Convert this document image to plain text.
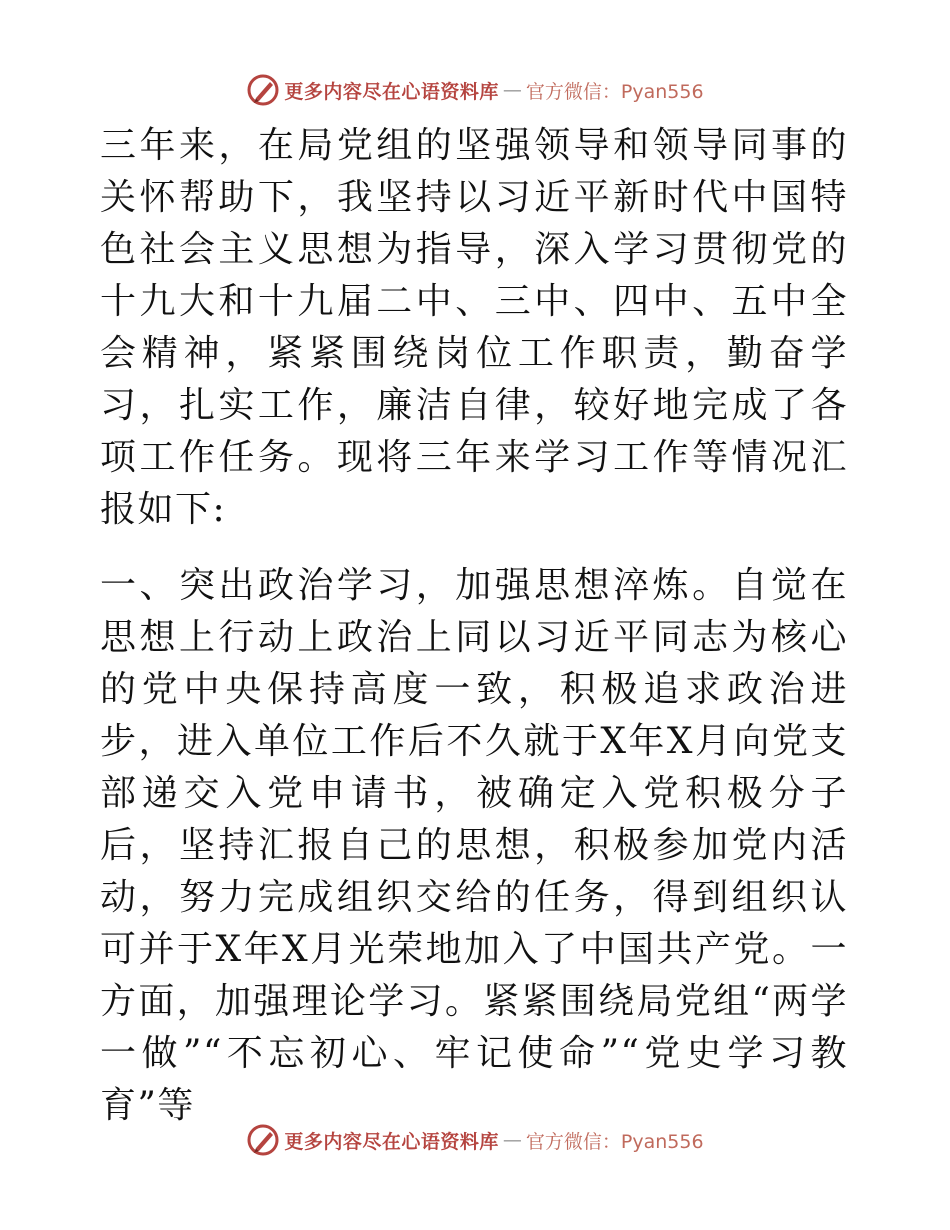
更多内容尽在心语资料库 — 官方微信：Pyan556

三年来，在局党组的坚强领导和领导同事的关怀帮助下，我坚持以习近平新时代中国特色社会主义思想为指导，深入学习贯彻党的十九大和十九届二中、三中、四中、五中全会精神，紧紧围绕岗位工作职责，勤奋学习，扎实工作，廉洁自律，较好地完成了各项工作任务。现将三年来学习工作等情况汇报如下:

一、突出政治学习，加强思想淬炼。自觉在思想上行动上政治上同以习近平同志为核心的党中央保持高度一致，积极追求政治进步，进入单位工作后不久就于X年X月向党支部递交入党申请书，被确定入党积极分子后，坚持汇报自己的思想，积极参加党内活动，努力完成组织交给的任务，得到组织认可并于X年X月光荣地加入了中国共产党。一方面，加强理论学习。紧紧围绕局党组“两学一做”“不忘初心、牢记使命”“党史学习教育”等

更多内容尽在心语资料库 — 官方微信：Pyan556
